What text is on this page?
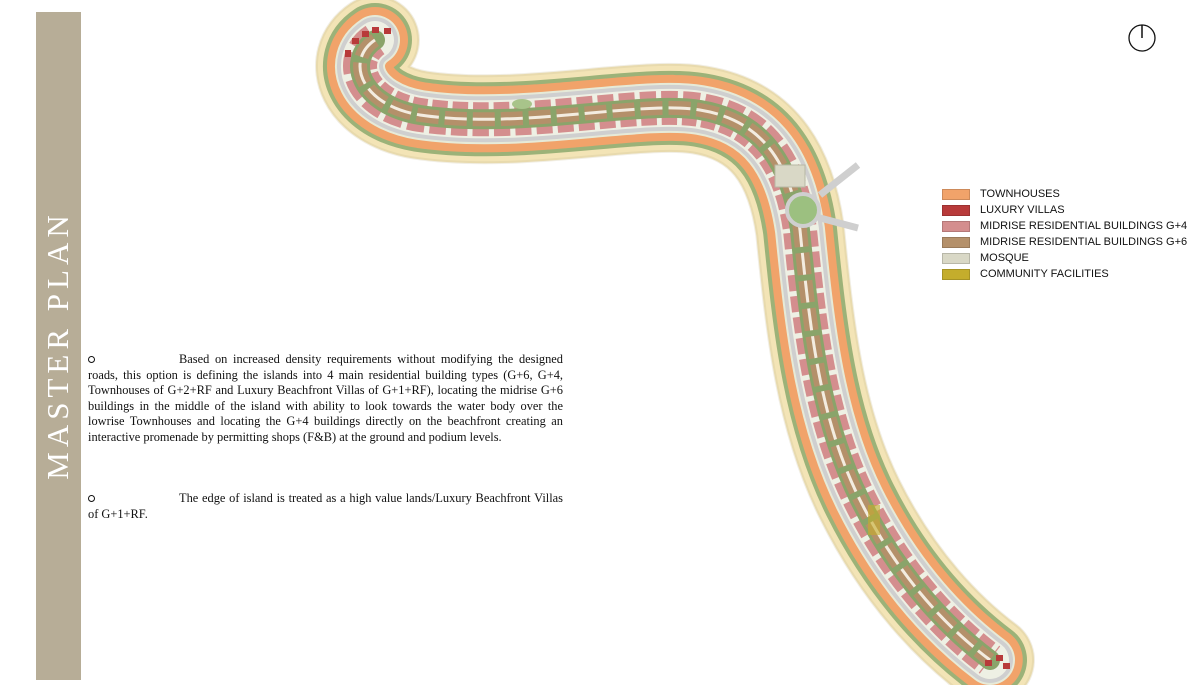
MASTER PLAN	Based on increased density requirements without modifying the designed roads, this option is defining the islands into 4 main residential building types (G+6, G+4, Townhouses of G+2+RF and Luxury Beachfront Villas of G+1+RF), locating the midrise G+6 buildings in the middle of the island with ability to look towards the water body over the lowrise Townhouses and locating the G+4 buildings directly on the beachfront creating an interactive promenade by permitting shops (F&B) at the ground and podium levels.
The edge of island is treated as a high value lands/Luxury Beachfront Villas of G+1+RF.
TOWNHOUSES
LUXURY VILLAS
MIDRISE RESIDENTIAL BUILDINGS G+4
MIDRISE RESIDENTIAL BUILDINGS G+6
MOSQUE
COMMUNITY FACILITIES
